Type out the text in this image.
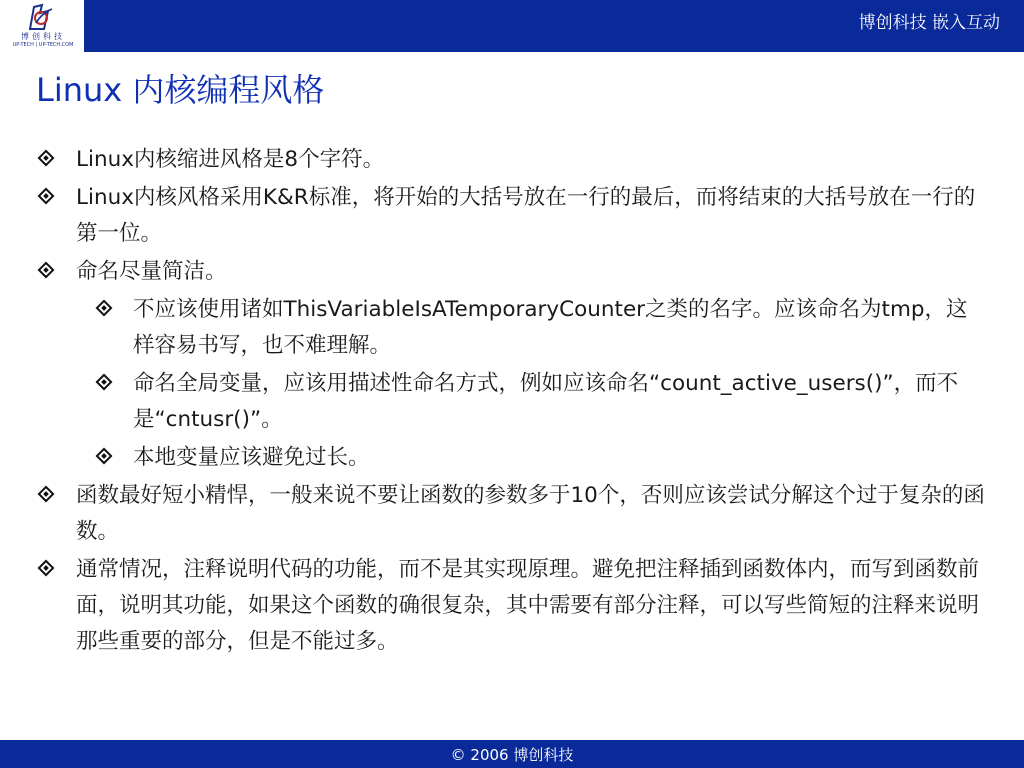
博创科技
UP-TECH | UP-TECH.COM
博创科技 嵌入互动
Linux 内核编程风格
Linux内核缩进风格是8个字符。
Linux内核风格采用K&R标准，将开始的大括号放在一行的最后，而将结束的大括号放在一行的第一位。
命名尽量简洁。
不应该使用诸如ThisVariableIsATemporaryCounter之类的名字。应该命名为tmp，这样容易书写，也不难理解。
命名全局变量，应该用描述性命名方式，例如应该命名“count_active_users()”，而不是“cntusr()”。
本地变量应该避免过长。
函数最好短小精悍，一般来说不要让函数的参数多于10个，否则应该尝试分解这个过于复杂的函数。
通常情况，注释说明代码的功能，而不是其实现原理。避免把注释插到函数体内，而写到函数前面，说明其功能，如果这个函数的确很复杂，其中需要有部分注释，可以写些简短的注释来说明那些重要的部分，但是不能过多。
© 2006 博创科技
